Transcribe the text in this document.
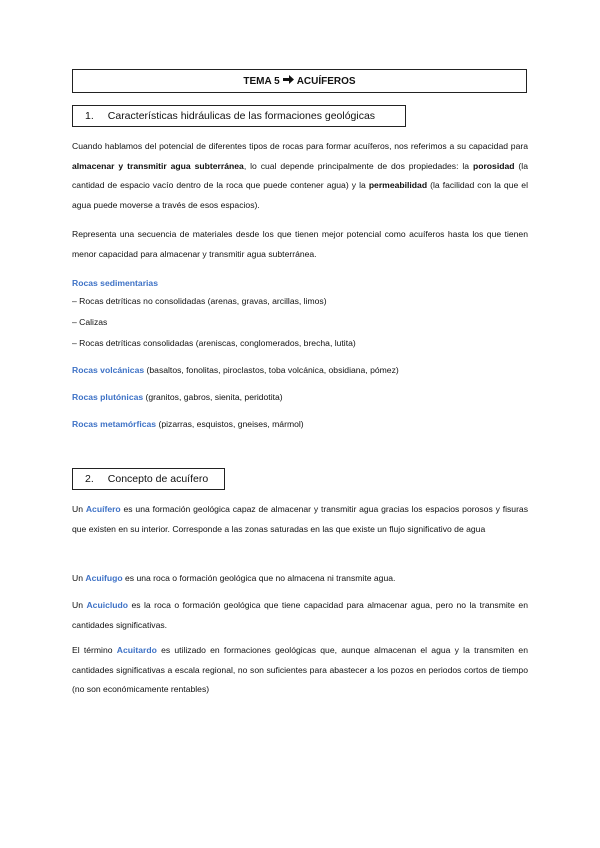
TEMA 5 ACUÍFEROS
1. Características hidráulicas de las formaciones geológicas
Cuando hablamos del potencial de diferentes tipos de rocas para formar acuíferos, nos referimos a su capacidad para almacenar y transmitir agua subterránea, lo cual depende principalmente de dos propiedades: la porosidad (la cantidad de espacio vacío dentro de la roca que puede contener agua) y la permeabilidad (la facilidad con la que el agua puede moverse a través de esos espacios).
Representa una secuencia de materiales desde los que tienen mejor potencial como acuíferos hasta los que tienen menor capacidad para almacenar y transmitir agua subterránea.
Rocas sedimentarias
– Rocas detríticas no consolidadas (arenas, gravas, arcillas, limos)
– Calizas
– Rocas detríticas consolidadas (areniscas, conglomerados, brecha, lutita)
Rocas volcánicas (basaltos, fonolitas, piroclastos, toba volcánica, obsidiana, pómez)
Rocas plutónicas (granitos, gabros, sienita, peridotita)
Rocas metamórficas (pizarras, esquistos, gneises, mármol)
2. Concepto de acuífero
Un Acuífero es una formación geológica capaz de almacenar y transmitir agua gracias los espacios porosos y fisuras que existen en su interior. Corresponde a las zonas saturadas en las que existe un flujo significativo de agua
Un Acuifugo es una roca o formación geológica que no almacena ni transmite agua.
Un Acuicludo es la roca o formación geológica que tiene capacidad para almacenar agua, pero no la transmite en cantidades significativas.
El término Acuitardo es utilizado en formaciones geológicas que, aunque almacenan el agua y la transmiten en cantidades significativas a escala regional, no son suficientes para abastecer a los pozos en periodos cortos de tiempo (no son económicamente rentables)
